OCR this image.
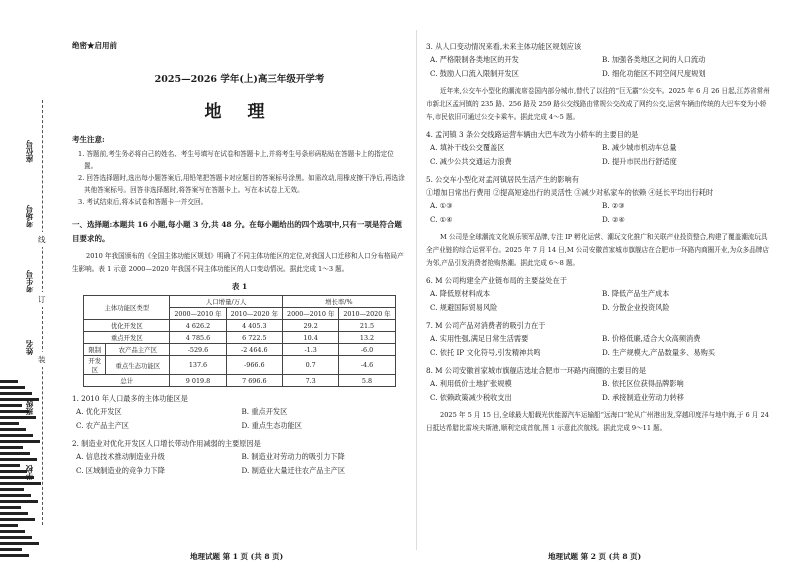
线
订
装
座位号
考场号
考生号
姓名
班级
学校
绝密★启用前
2025—2026 学年(上)高三年级开学考
地 理
考生注意:
1. 答题前,考生务必将自己的姓名、考生号填写在试卷和答题卡上,并将考生号条形码粘贴在答题卡上的指定位置。
2. 回答选择题时,选出每小题答案后,用铅笔把答题卡对应题目的答案标号涂黑。如需改动,用橡皮擦干净后,再选涂其他答案标号。回答非选择题时,将答案写在答题卡上。写在本试卷上无效。
3. 考试结束后,将本试卷和答题卡一并交回。
一、选择题:本题共 16 小题,每小题 3 分,共 48 分。在每小题给出的四个选项中,只有一项是符合题目要求的。
2010 年我国颁布的《全国主体功能区规划》明确了不同主体功能区的定位,对我国人口迁移和人口分布格局产生影响。表 1 示意 2000—2020 年我国不同主体功能区的人口变动情况。据此完成 1～3 题。
表 1
主体功能区类型		人口增量/万人		增长率/%	
		2000—2010 年	2010—2020 年	2000—2010 年	2010—2020 年
优化开发区		4 626.2	4 405.3	29.2	21.5
重点开发区		4 785.6	6 722.5	10.4	13.2
限制	农产品主产区	-529.6	-2 464.6	-1.3	-6.0
开发区	重点生态功能区	137.6	-966.6	0.7	-4.6
总计		9 019.8	7 696.6	7.3	5.8
1. 2010 年人口最多的主体功能区是
A. 优化开发区	B. 重点开发区
C. 农产品主产区	D. 重点生态功能区
2. 制造业对优化开发区人口增长带动作用减弱的主要原因是
A. 信息技术推动制造业升级	B. 制造业对劳动力的吸引力下降
C. 区域制造业的竞争力下降	D. 制造业大量迁往农产品主产区
3. 从人口变动情况来看,未来主体功能区规划应该
A. 严格限制各类地区的开发	B. 加强各类地区之间的人口流动
C. 鼓励人口流入限制开发区	D. 细化功能区不同空间尺度规划
近年来,公交车小型化的潮流席卷国内部分城市,替代了以往的“巨无霸”公交车。2025 年 6 月 26 日起,江苏省常州市新北区孟河镇的 235 路、256 路及 259 路公交线路由常规公交改成了网约公交,运营车辆由传统的大巴车变为小轿车,市民依旧可通过公交卡乘车。据此完成 4～5 题。
4. 孟河镇 3 条公交线路运营车辆由大巴车改为小轿车的主要目的是
A. 填补干线公交覆盖区	B. 减少城市机动车总量
C. 减少公共交通运力浪费	D. 提升市民出行舒适度
5. 公交车小型化对孟河镇居民生活产生的影响有
①增加日常出行费用 ②提高短途出行的灵活性 ③减少对私家车的依赖 ④延长平均出行耗时
A. ①③	B. ②③
C. ①④	D. ②④
M 公司是全球潮流文化娱乐领军品牌,专注 IP 孵化运营、潮玩文化推广和关联产业投资整合,构建了覆盖潮流玩具全产业链的综合运营平台。2025 年 7 月 14 日,M 公司安徽首家城市旗舰店在合肥市一环路内商圈开业,为众多品牌店为邻,产品引发消费者抢购热潮。据此完成 6～8 题。
6. M 公司构建全产业链布局的主要益处在于
A. 降低原材料成本	B. 降低产品生产成本
C. 规避国际贸易风险	D. 分散企业投资风险
7. M 公司产品对消费者的吸引力在于
A. 实用性强,满足日常生活需要	B. 价格低廉,适合大众高频消费
C. 依托 IP 文化符号,引发精神共鸣	D. 生产规模大,产品数量多、易购买
8. M 公司安徽首家城市旗舰店选址合肥市一环路内商圈的主要目的是
A. 利用低价土地扩张规模	B. 依托区位获得品牌影响
C. 依赖政策减少税收支出	D. 承接制造业劳动力转移
2025 年 5 月 15 日,全球最大船载光伏能源汽车运输船“远海口”轮从广州港出发,穿越印度洋与地中海,于 6 月 24 日抵达希腊比雷埃夫斯港,顺利完成首航,图 1 示意此次航线。据此完成 9～11 题。
地理试题 第 1 页 (共 8 页)	地理试题 第 2 页 (共 8 页)
